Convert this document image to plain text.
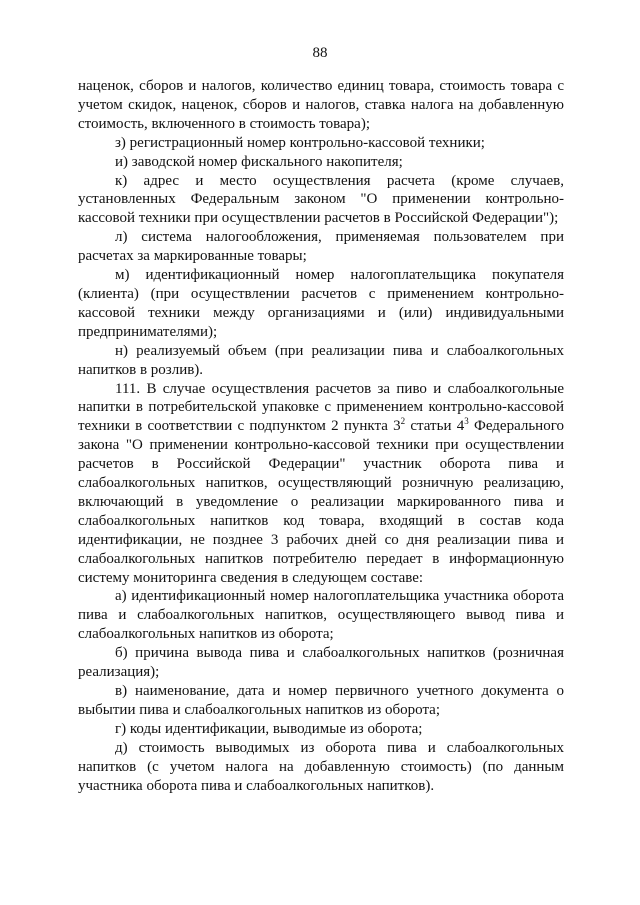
88

наценок, сборов и налогов, количество единиц товара, стоимость товара с учетом скидок, наценок, сборов и налогов, ставка налога на добавленную стоимость, включенного в стоимость товара);

з) регистрационный номер контрольно-кассовой техники;

и) заводской номер фискального накопителя;

к) адрес и место осуществления расчета (кроме случаев, установленных Федеральным законом "О применении контрольно-кассовой техники при осуществлении расчетов в Российской Федерации");

л) система налогообложения, применяемая пользователем при расчетах за маркированные товары;

м) идентификационный номер налогоплательщика покупателя (клиента) (при осуществлении расчетов с применением контрольно-кассовой техники между организациями и (или) индивидуальными предпринимателями);

н) реализуемый объем (при реализации пива и слабоалкогольных напитков в розлив).

111. В случае осуществления расчетов за пиво и слабоалкогольные напитки в потребительской упаковке с применением контрольно-кассовой техники в соответствии с подпунктом 2 пункта $3^2$ статьи $4^3$ Федерального закона "О применении контрольно-кассовой техники при осуществлении расчетов в Российской Федерации" участник оборота пива и слабоалкогольных напитков, осуществляющий розничную реализацию, включающий в уведомление о реализации маркированного пива и слабоалкогольных напитков код товара, входящий в состав кода идентификации, не позднее 3 рабочих дней со дня реализации пива и слабоалкогольных напитков потребителю передает в информационную систему мониторинга сведения в следующем составе:

а) идентификационный номер налогоплательщика участника оборота пива и слабоалкогольных напитков, осуществляющего вывод пива и слабоалкогольных напитков из оборота;

б) причина вывода пива и слабоалкогольных напитков (розничная реализация);

в) наименование, дата и номер первичного учетного документа о выбытии пива и слабоалкогольных напитков из оборота;

г) коды идентификации, выводимые из оборота;

д) стоимость выводимых из оборота пива и слабоалкогольных напитков (с учетом налога на добавленную стоимость) (по данным участника оборота пива и слабоалкогольных напитков).
